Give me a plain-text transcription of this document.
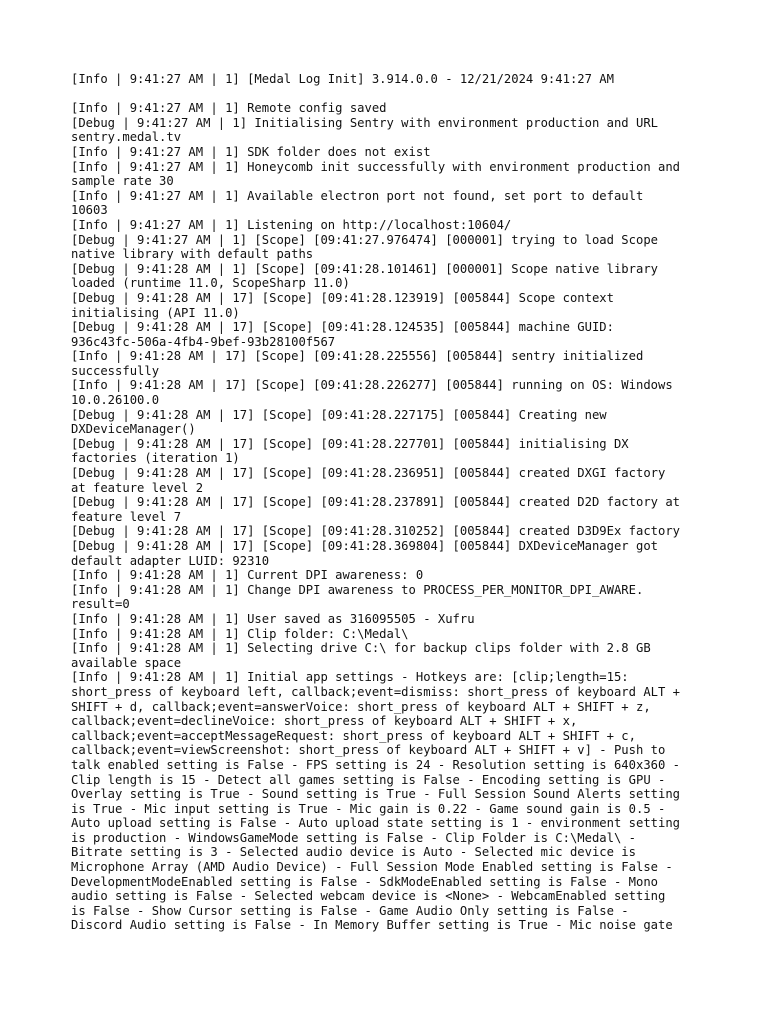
[Info | 9:41:27 AM | 1] [Medal Log Init] 3.914.0.0 - 12/21/2024 9:41:27 AM
[Info | 9:41:27 AM | 1] Remote config saved
[Debug | 9:41:27 AM | 1] Initialising Sentry with environment production and URL
sentry.medal.tv
[Info | 9:41:27 AM | 1] SDK folder does not exist
[Info | 9:41:27 AM | 1] Honeycomb init successfully with environment production and
sample rate 30
[Info | 9:41:27 AM | 1] Available electron port not found, set port to default
10603
[Info | 9:41:27 AM | 1] Listening on http://localhost:10604/
[Debug | 9:41:27 AM | 1] [Scope] [09:41:27.976474] [000001] trying to load Scope
native library with default paths
[Debug | 9:41:28 AM | 1] [Scope] [09:41:28.101461] [000001] Scope native library
loaded (runtime 11.0, ScopeSharp 11.0)
[Debug | 9:41:28 AM | 17] [Scope] [09:41:28.123919] [005844] Scope context
initialising (API 11.0)
[Debug | 9:41:28 AM | 17] [Scope] [09:41:28.124535] [005844] machine GUID:
936c43fc-506a-4fb4-9bef-93b28100f567
[Info | 9:41:28 AM | 17] [Scope] [09:41:28.225556] [005844] sentry initialized
successfully
[Info | 9:41:28 AM | 17] [Scope] [09:41:28.226277] [005844] running on OS: Windows
10.0.26100.0
[Debug | 9:41:28 AM | 17] [Scope] [09:41:28.227175] [005844] Creating new
DXDeviceManager()
[Debug | 9:41:28 AM | 17] [Scope] [09:41:28.227701] [005844] initialising DX
factories (iteration 1)
[Debug | 9:41:28 AM | 17] [Scope] [09:41:28.236951] [005844] created DXGI factory
at feature level 2
[Debug | 9:41:28 AM | 17] [Scope] [09:41:28.237891] [005844] created D2D factory at
feature level 7
[Debug | 9:41:28 AM | 17] [Scope] [09:41:28.310252] [005844] created D3D9Ex factory
[Debug | 9:41:28 AM | 17] [Scope] [09:41:28.369804] [005844] DXDeviceManager got
default adapter LUID: 92310
[Info | 9:41:28 AM | 1] Current DPI awareness: 0
[Info | 9:41:28 AM | 1] Change DPI awareness to PROCESS_PER_MONITOR_DPI_AWARE.
result=0
[Info | 9:41:28 AM | 1] User saved as 316095505 - Xufru
[Info | 9:41:28 AM | 1] Clip folder: C:\Medal\
[Info | 9:41:28 AM | 1] Selecting drive C:\ for backup clips folder with 2.8 GB
available space
[Info | 9:41:28 AM | 1] Initial app settings - Hotkeys are: [clip;length=15:
short_press of keyboard left, callback;event=dismiss: short_press of keyboard ALT +
SHIFT + d, callback;event=answerVoice: short_press of keyboard ALT + SHIFT + z,
callback;event=declineVoice: short_press of keyboard ALT + SHIFT + x,
callback;event=acceptMessageRequest: short_press of keyboard ALT + SHIFT + c,
callback;event=viewScreenshot: short_press of keyboard ALT + SHIFT + v] - Push to
talk enabled setting is False - FPS setting is 24 - Resolution setting is 640x360 -
Clip length is 15 - Detect all games setting is False - Encoding setting is GPU -
Overlay setting is True - Sound setting is True - Full Session Sound Alerts setting
is True - Mic input setting is True - Mic gain is 0.22 - Game sound gain is 0.5 -
Auto upload setting is False - Auto upload state setting is 1 - environment setting
is production - WindowsGameMode setting is False - Clip Folder is C:\Medal\ -
Bitrate setting is 3 - Selected audio device is Auto - Selected mic device is
Microphone Array (AMD Audio Device) - Full Session Mode Enabled setting is False -
DevelopmentModeEnabled setting is False - SdkModeEnabled setting is False - Mono
audio setting is False - Selected webcam device is <None> - WebcamEnabled setting
is False - Show Cursor setting is False - Game Audio Only setting is False -
Discord Audio setting is False - In Memory Buffer setting is True - Mic noise gate
